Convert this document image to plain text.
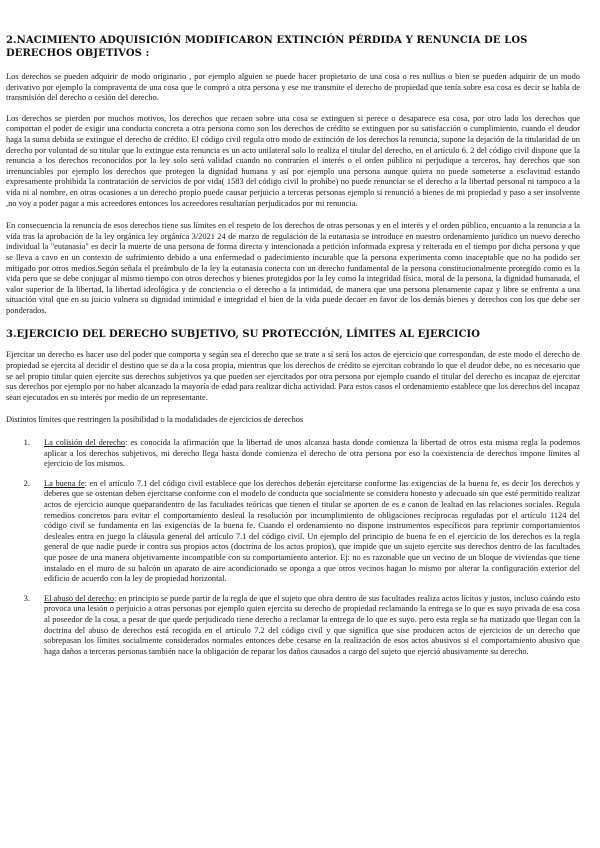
2.NACIMIENTO ADQUISICIÓN MODIFICARON EXTINCIÓN PÉRDIDA Y RENUNCIA DE LOS DERECHOS OBJETIVOS :

Los derechos se pueden adquirir de modo originario , por ejemplo alguien se puede hacer propietario de una cosa o res nullius o bien se pueden adquirir de un modo derivativo por ejemplo la compraventa de una cosa que le compró a otra persona y ese me transmite el derecho de propiedad que tenía sobre esa cosa es decir se habla de transmisión del derecho o cesión del derecho.

Los derechos se pierden por muchos motivos, los derechos que recaen sobre una cosa se extinguen si perece o desaparece esa cosa, por otro lado los derechos que comportan el poder de exigir una conducta concreta a otra persona como son los derechos de crédito se extinguen por su satisfacción o cumplimiento, cuando el deudor haga la suma debida se extingue el derecho de crédito. El código civil regula otro modo de extinción de los derechos la renuncia, supone la dejación de la titularidad de un derecho por voluntad de su titular que lo extingue esta renuncia es un acto unilateral solo lo realiza el titular del derecho, en el artículo 6. 2 del código civil dispone que la renuncia a los derechos reconocidos por la ley solo será validad cuando no contraríen el interés o el orden público ni perjudique a terceros, hay derechos que son irrenunciables por ejemplo los derechos que protegen la dignidad humana y así por ejemplo una persona aunque quiera no puede someterse a esclavitud estando expresamente prohibida la contratación de servicios de por vida( 1583 del código civil lo prohíbe) no puede renunciar se el derecho a la libertad personal ni tampoco a la vida ni al nombre, en otras ocasiones a un derecho propio puede causar perjuicio a terceras personas ejemplo si renunció a bienes de mi propiedad y paso a ser insolvente ,no voy a poder pagar a mis acreedores entonces los acreedores resultarían perjudicados por mi renuncia.

En consecuencia la renuncia de esos derechos tiene sus límites en el respeto de los derechos de otras personas y en el interés y el orden público, encuanto a la renuncia a la vida tras la aprobación de la ley orgánica ley orgánica 3/2021 24 de marzo de regulación de la eutanasia se introduce en nuestro ordenamiento jurídico un nuevo derecho individual la "eutanasia" es decir la muerte de una persona de forma directa y intencionada a petición informada expresa y reiterada en el tiempo por dicha persona y que se lleva a cavo en un contexto de sufrimiento debido a una enfermedad o padecimiento incurable que la persona experimenta como inaceptable que no ha podido ser mitigado por otros medios.Según señala el preámbulo de la ley la eutanasia conecta con un derecho fundamental de la persona constitucionalmente protegido como es la vida pero que se debe conjugar al mismo tiempo con otros derechos y bienes protegidos por la ley como la integridad física, moral de la persona, la dignidad humanada, el valor superior de la libertad, la libertad ideológica y de conciencia o el derecho a la intimidad, de manera que una persona plenamente capaz y libre se enfrenta a una situación vital que en su juicio vulnera su dignidad intimidad e integridad el bien de la vida puede decaer en favor de los demás bienes y derechos con los que debe ser ponderados.

3.EJERCICIO DEL DERECHO SUBJETIVO, SU PROTECCIÓN, LÍMITES AL EJERCICIO

Ejercitar un derecho es hacer uso del poder que comporta y según sea el derecho que se trate a sí será los actos de ejercicio que correspondan, de este modo el derecho de propiedad se ejercita al decidir el destino que se da a la cosa propia, mientras que los derechos de crédito se ejercitan cobrando lo que el deudor debe, no es necesario que se ael propio titular quien ejercite sus derechos subjetivos ya que pueden ser ejercitados por otra persona por ejemplo cuando el titular del derecho es incapaz de ejercitar sus derechos por ejemplo por no haber alcanzado la mayoría de edad para realizar dicha actividad. Para estos casos el ordenamiento establece que los derechos del incapaz sean ejecutados en su interés por medio de un representante.

Distintos límites que restringen la posibilidad o la modalidades de ejercicios de derechos

1. La colisión del derecho: es conocida la afirmación que la libertad de unos alcanza hasta donde comienza la libertad de otros esta misma regla la podemos aplicar a los derechos subjetivos, mi derecho llega hasta donde comienza el derecho de otra persona por eso la coexistencia de derechos impone límites al ejercicio de los mismos.
2. La buena fe: en el artículo 7.1 del código civil establece que los derechos deberán ejercitarse conforme las exigencias de la buena fe, es decir los derechos y deberes que se ostentan deben ejercitarse conforme con el modelo de conducta que socialmente se considera honesto y adecuado sin que esté permitido realizar actos de ejercicio aunque queparandentro de las facultades teóricas que tienen el titular se aporten de es e canon de lealtad en las relaciones sociales. Regula remedios concretos para evitar el comportamiento desleal la resolución por incumplimiento de obligaciones recíprocas reguladas por el artículo 1124 del código civil se fundamenta en las exigencias de la buena fe. Cuando el ordenamiento no dispone instrumentos específicos para reprimir comportamientos desleales entra en juego la cláusula general del artículo 7.1 del código civil. Un ejemplo del principio de buena fe en el ejercicio de los derechos es la regla general de que nadie puede ir contra sus propios actos (doctrina de los actos propios), que impide que un sujeto ejercite sus derechos dentro de las facultades que posee de una manera objetivamente incompatible con su comportamiento anterior. Ej: no es razonable que un vecino de un bloque de viviendas que tiene instalado en el muro de su balcón un aparato de aire acondicionado se oponga a que otros vecinos hagan lo mismo por alterar la configuración exterior del edificio de acuerdo con la ley de propiedad horizontal.
3. El abuso del derecho: en principio se puede partir de la regla de que el sujeto que obra dentro de sus facultades realiza actos lícitos y justos, incluso cuándo esto provoca una lesión o perjuicio a otras personas por ejemplo quien ejercita su derecho de propiedad reclamando la entrega se lo que es suyo privada de esa cosa al poseedor de la cosa, a pesar de que quede perjudicado tiene derecho a reclamar la entrega de lo que es suyo. pero esta regla se ha matizado que llegan con la doctrina del abuso de derechos está recogida en el artículo 7.2 del código civil y que significa que sise producen actos de ejercicios de un derecho que sobrepasan los límites socialmente considerados normales entonces debe cesarse en la realización de esos actos abusivos si el comportamiento abusivo que haga daños a terceras personas también nace la obligación de reparar los daños causados a cargo del sujeto que ejerció abusivamente su derecho.
